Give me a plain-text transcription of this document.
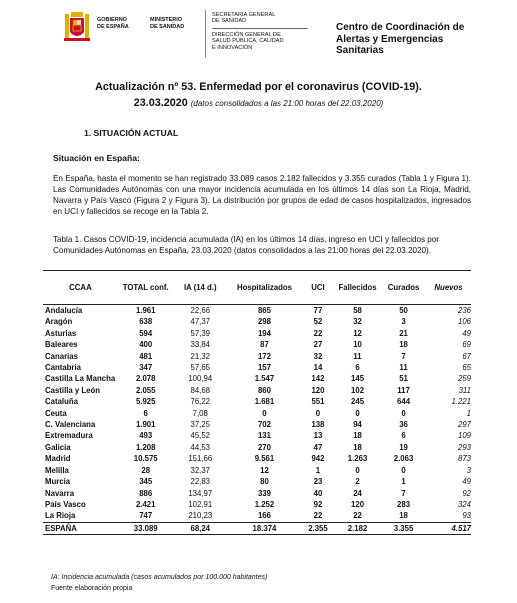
GOBIERNO
DE ESPAÑA
MINISTERIO
DE SANIDAD
SECRETARÍA GENERAL
DE SANIDAD
DIRECCIÓN GENERAL DE
SALUD PÚBLICA, CALIDAD
E INNOVACIÓN
Centro de Coordinación de
Alertas y Emergencias
Sanitarias
Actualización nº 53. Enfermedad por el coronavirus (COVID-19).
23.03.2020 (datos consolidados a las 21:00 horas del 22.03.2020)
1. SITUACIÓN ACTUAL
Situación en España:
En España, hasta el momento se han registrado 33.089 casos 2.182 fallecidos y 3.355 curados (Tabla 1 y Figura 1). Las Comunidades Autónomas con una mayor incidencia acumulada en los últimos 14 días son La Rioja, Madrid, Navarra y País Vasco (Figura 2 y Figura 3). La distribución por grupos de edad de casos hospitalizados, ingresados en UCI y fallecidos se recoge en la Tabla 2.
Tabla 1. Casos COVID-19, incidencia acumulada (IA) en los últimos 14 días, ingreso en UCI y fallecidos por Comunidades Autónomas en España, 23.03.2020 (datos consolidados a las 21:00 horas del 22.03.2020).
CCAA	TOTAL conf.	IA (14 d.)	Hospitalizados	UCI	Fallecidos	Curados	Nuevos
Andalucía	1.961	22,66	865	77	58	50	236
Aragón	638	47,37	298	52	32	3	106
Asturias	594	57,39	194	22	12	21	49
Baleares	400	33,84	87	27	10	18	69
Canarias	481	21,32	172	32	11	7	67
Cantabria	347	57,65	157	14	6	11	65
Castilla La Mancha	2.078	100,94	1.547	142	145	51	259
Castilla y León	2.055	84,68	860	120	102	117	311
Cataluña	5.925	76,22	1.681	551	245	644	1.221
Ceuta	6	7,08	0	0	0	0	1
C. Valenciana	1.901	37,25	702	138	94	36	297
Extremadura	493	45,52	131	13	18	6	109
Galicia	1.208	44,53	270	47	18	19	293
Madrid	10.575	151,66	9.561	942	1.263	2.063	873
Melilla	28	32,37	12	1	0	0	3
Murcia	345	22,83	80	23	2	1	49
Navarra	886	134,97	339	40	24	7	92
País Vasco	2.421	102,91	1.252	92	120	283	324
La Rioja	747	210,23	166	22	22	18	93
ESPAÑA	33.089	68,24	18.374	2.355	2.182	3.355	4.517
IA: Incidencia acumulada (casos acumulados por 100.000 habitantes)
Fuente elaboración propia
